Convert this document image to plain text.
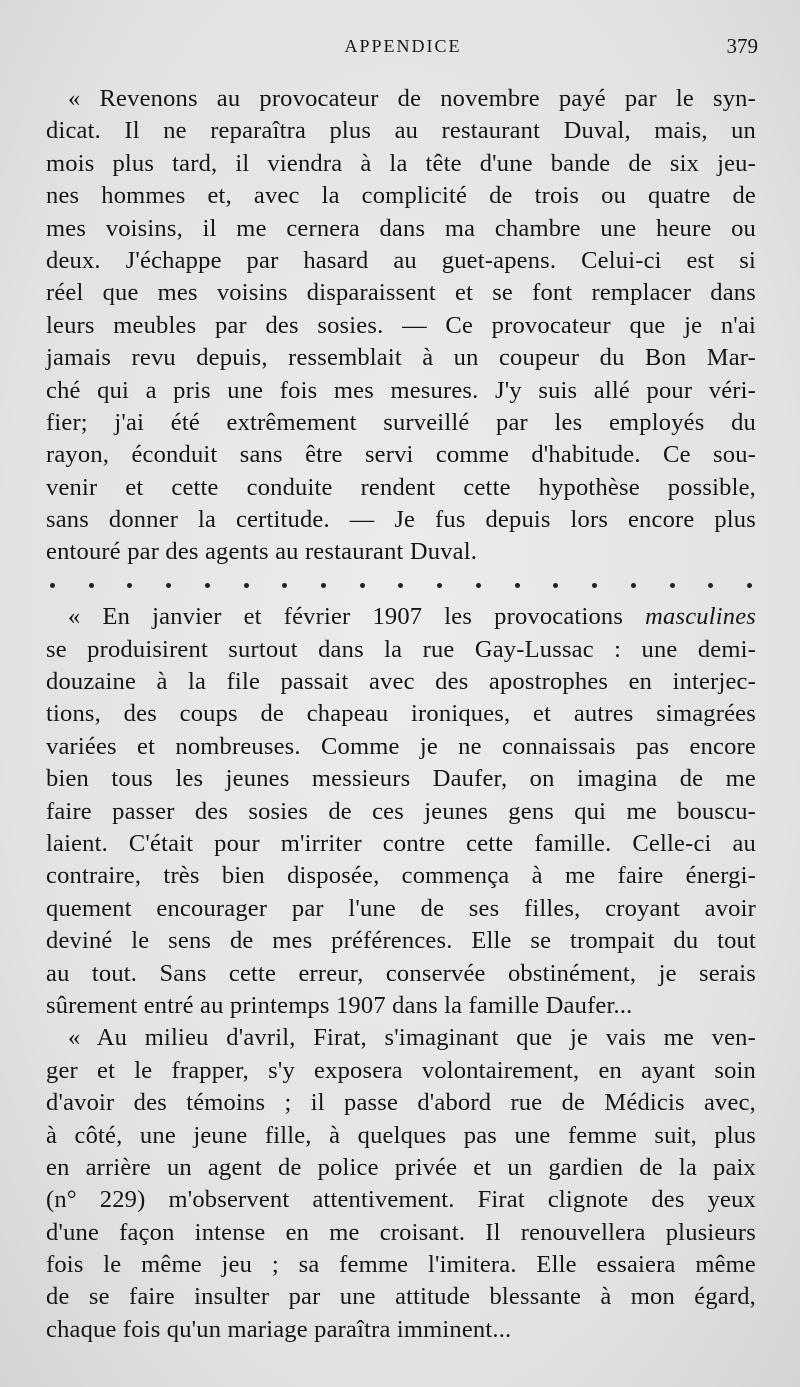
APPENDICE	379
« Revenons au provocateur de novembre payé par le syn-
dicat. Il ne reparaîtra plus au restaurant Duval, mais, un
mois plus tard, il viendra à la tête d'une bande de six jeu-
nes hommes et, avec la complicité de trois ou quatre de
mes voisins, il me cernera dans ma chambre une heure ou
deux. J'échappe par hasard au guet-apens. Celui-ci est si
réel que mes voisins disparaissent et se font remplacer dans
leurs meubles par des sosies. — Ce provocateur que je n'ai
jamais revu depuis, ressemblait à un coupeur du Bon Mar-
ché qui a pris une fois mes mesures. J'y suis allé pour véri-
fier; j'ai été extrêmement surveillé par les employés du
rayon, éconduit sans être servi comme d'habitude. Ce sou-
venir et cette conduite rendent cette hypothèse possible,
sans donner la certitude. — Je fus depuis lors encore plus
entouré par des agents au restaurant Duval.
« En janvier et février 1907 les provocations masculines
se produisirent surtout dans la rue Gay-Lussac : une demi-
douzaine à la file passait avec des apostrophes en interjec-
tions, des coups de chapeau ironiques, et autres simagrées
variées et nombreuses. Comme je ne connaissais pas encore
bien tous les jeunes messieurs Daufer, on imagina de me
faire passer des sosies de ces jeunes gens qui me bouscu-
laient. C'était pour m'irriter contre cette famille. Celle-ci au
contraire, très bien disposée, commença à me faire énergi-
quement encourager par l'une de ses filles, croyant avoir
deviné le sens de mes préférences. Elle se trompait du tout
au tout. Sans cette erreur, conservée obstinément, je serais
sûrement entré au printemps 1907 dans la famille Daufer...
« Au milieu d'avril, Firat, s'imaginant que je vais me ven-
ger et le frapper, s'y exposera volontairement, en ayant soin
d'avoir des témoins ; il passe d'abord rue de Médicis avec,
à côté, une jeune fille, à quelques pas une femme suit, plus
en arrière un agent de police privée et un gardien de la paix
(n° 229) m'observent attentivement. Firat clignote des yeux
d'une façon intense en me croisant. Il renouvellera plusieurs
fois le même jeu ; sa femme l'imitera. Elle essaiera même
de se faire insulter par une attitude blessante à mon égard,
chaque fois qu'un mariage paraîtra imminent...
